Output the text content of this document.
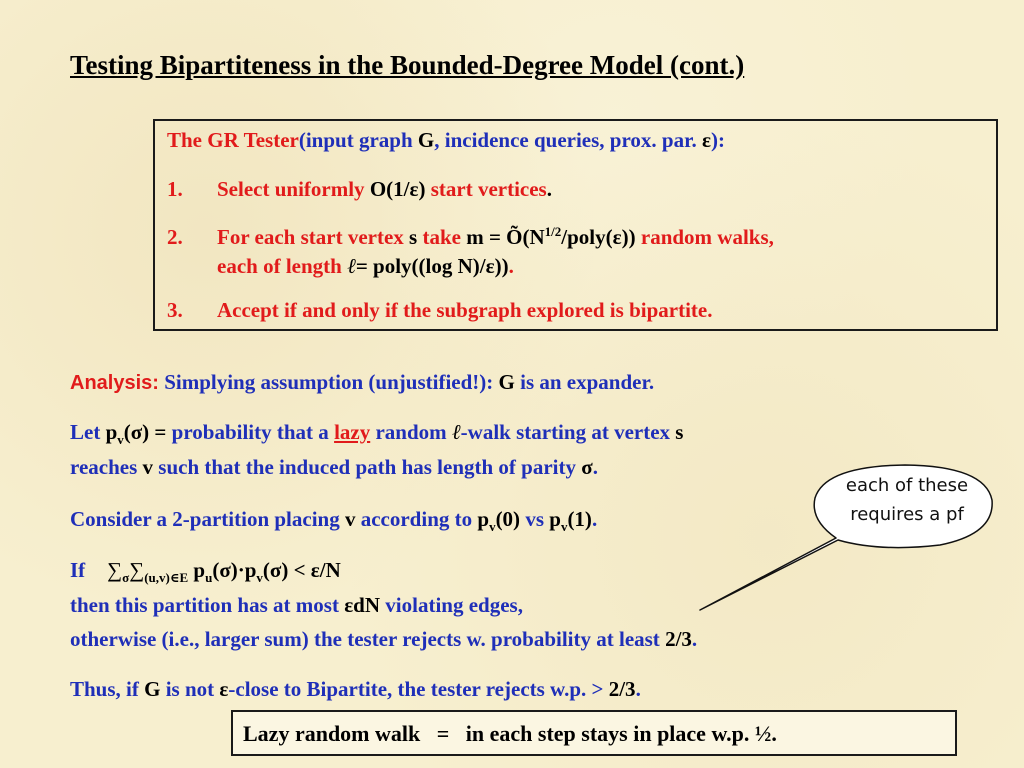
Testing Bipartiteness in the Bounded-Degree Model (cont.)
The GR Tester(input graph G, incidence queries, prox. par. ε):
1. Select uniformly O(1/ε) start vertices.
2. For each start vertex s take $m = Õ(N^{1/2}/poly(\varepsilon))$ random walks,
each of length ℓ= poly((log N)/ε)).
3. Accept if and only if the subgraph explored is bipartite.
Analysis: Simplying assumption (unjustified!): G is an expander.
Let $p_v(\sigma)$ = probability that a lazy random ℓ-walk starting at vertex s
reaches v such that the induced path has length of parity σ.
Consider a 2-partition placing v according to $p_v(0)$ vs $p_v(1)$.
If $\sum_\sigma\sum_{(u,v)\in E}$ $p_u(\sigma)\cdot p_v(\sigma) < \varepsilon/N$
then this partition has at most εdN violating edges,
otherwise (i.e., larger sum) the tester rejects w. probability at least 2/3.
Thus, if G is not ε-close to Bipartite, the tester rejects w.p. > 2/3.
each of these
requires a pf
Lazy random walk   =   in each step stays in place w.p. ½.
